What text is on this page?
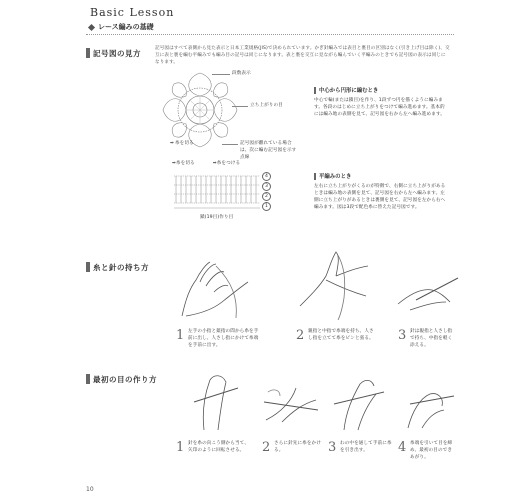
Basic Lesson
レース編みの基礎
記号図の見方
記号図はすべて表側から見た表示と日本工業規格(JIS)で決められています。かぎ針編みでは表目と裏目の区別はなく(引き上げ目は除く)、交互に表と裏を編む平編みでも編み目の記号は同じになります。表と裏を交互に見ながら編んでいく平編みのときでも記号図の表示は同じになります。
段数表示
立ち上がりの目
➡ 糸を切る	記号図が離れている場合は、次に編む記号図を示す点線
➡糸を切る	➡糸をつける
4
3
2
1
鎖(19目)作り目
中心から円形に編むとき
中心で輪(または鎖目)を作り、1段ずつ円を描くように編みます。各段のはじめに立ち上がりをつけて編み進めます。基本的には編み地の表側を見て、記号図を右から左へ編み進めます。
平編みのとき
左右に立ち上がりがくるのが特徴で、右側に立ち上がりがあるときは編み地の表側を見て、記号図を右から左へ編みます。左側に立ち上がりがあるときは裏側を見て、記号図を左から右へ編みます。図は3段で配色糸に替えた記号図です。
糸と針の持ち方
1 左手の小指と薬指の間から糸を手前に出し、人さし指にかけて糸端を手前に出す。
2 親指と中指で糸端を持ち、人さし指を立てて糸をピンと張る。	3 針は親指と人さし指で持ち、中指を軽く添える。
最初の目の作り方
1 針を糸の向こう側から当て、矢印のように回転させる。	2 さらに針先に糸をかける。	3 わの中を通して手前に糸を引き出す。	4 糸端を引いて目を締め、最初の目のできあがり。
10
